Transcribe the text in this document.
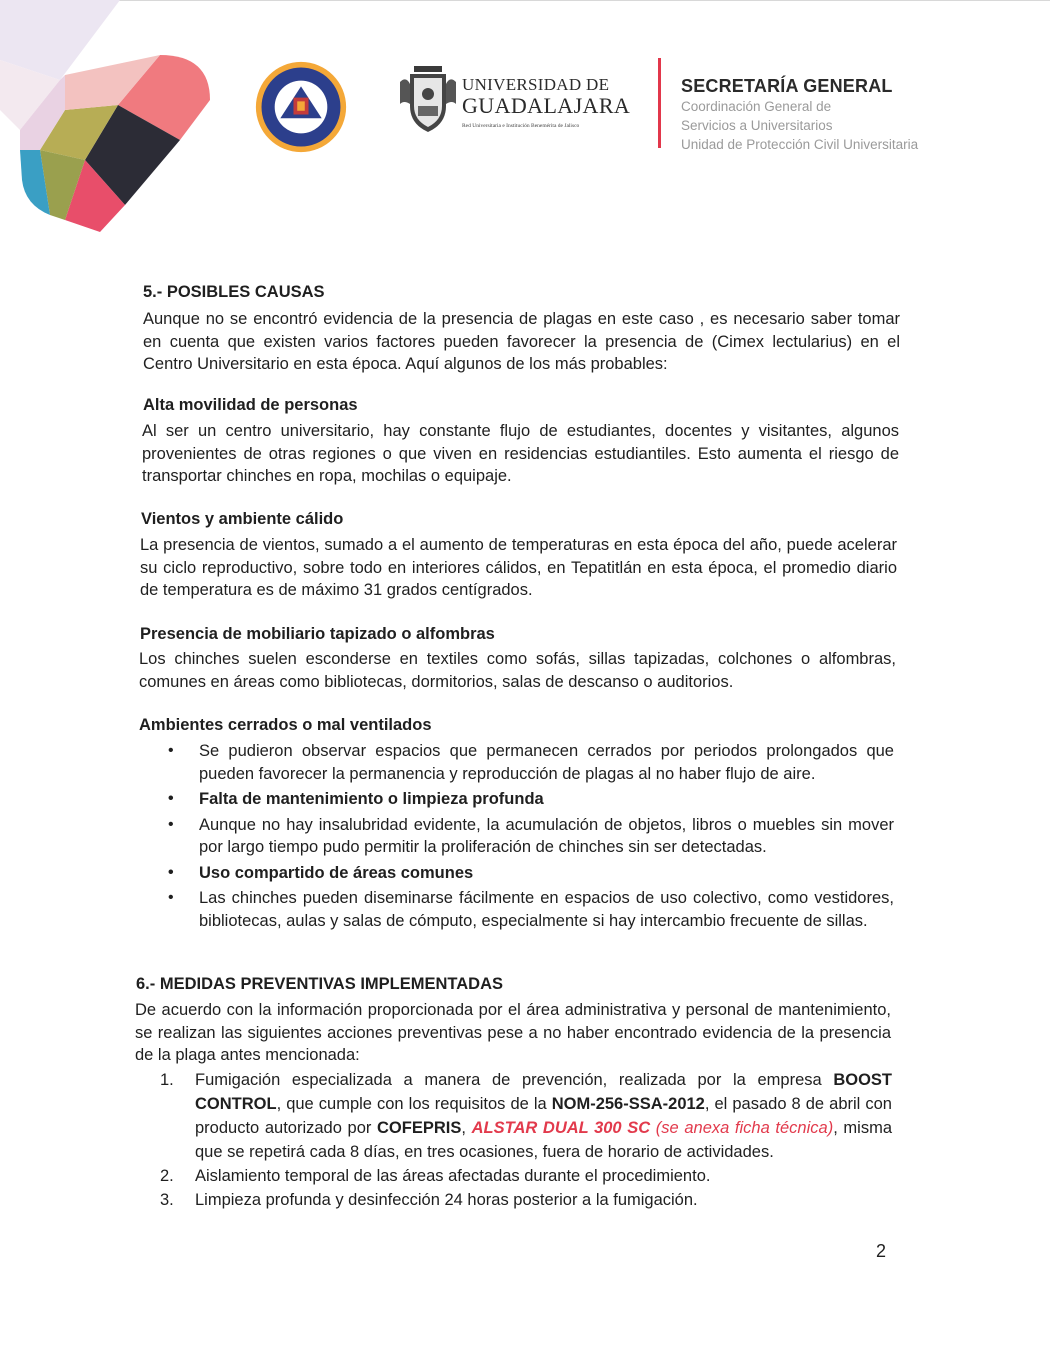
UNIVERSIDAD DE
GUADALAJARA
Red Universitaria e Institución Benemérita de Jalisco
SECRETARÍA GENERAL
Coordinación General de
Servicios a Universitarios
Unidad de Protección Civil Universitaria
5.- POSIBLES CAUSAS
Aunque no se encontró evidencia de la presencia de plagas en este caso , es necesario saber tomar en cuenta que existen varios factores pueden favorecer la presencia de (Cimex lectularius) en el Centro Universitario en esta época. Aquí algunos de los más probables:
Alta movilidad de personas
Al ser un centro universitario, hay constante flujo de estudiantes, docentes y visitantes, algunos provenientes de otras regiones o que viven en residencias estudiantiles. Esto aumenta el riesgo de transportar chinches en ropa, mochilas o equipaje.
Vientos y ambiente cálido
La presencia de vientos, sumado a el aumento de temperaturas en esta época del año, puede acelerar su ciclo reproductivo, sobre todo en interiores cálidos, en Tepatitlán en esta época, el promedio diario de temperatura es de máximo 31 grados centígrados.
Presencia de mobiliario tapizado o alfombras
Los chinches suelen esconderse en textiles como sofás, sillas tapizadas, colchones o alfombras, comunes en áreas como bibliotecas, dormitorios, salas de descanso o auditorios.
Ambientes cerrados o mal ventilados
• Se pudieron observar espacios que permanecen cerrados por periodos prolongados que pueden favorecer la permanencia y reproducción de plagas al no haber flujo de aire.
• Falta de mantenimiento o limpieza profunda
• Aunque no hay insalubridad evidente, la acumulación de objetos, libros o muebles sin mover por largo tiempo pudo permitir la proliferación de chinches sin ser detectadas.
• Uso compartido de áreas comunes
• Las chinches pueden diseminarse fácilmente en espacios de uso colectivo, como vestidores, bibliotecas, aulas y salas de cómputo, especialmente si hay intercambio frecuente de sillas.
6.- MEDIDAS PREVENTIVAS IMPLEMENTADAS
De acuerdo con la información proporcionada por el área administrativa y personal de mantenimiento, se realizan las siguientes acciones preventivas pese a no haber encontrado evidencia de la presencia de la plaga antes mencionada:
1. Fumigación especializada a manera de prevención, realizada por la empresa BOOST CONTROL, que cumple con los requisitos de la NOM-256-SSA-2012, el pasado 8 de abril con producto autorizado por COFEPRIS, ALSTAR DUAL 300 SC (se anexa ficha técnica), misma que se repetirá cada 8 días, en tres ocasiones, fuera de horario de actividades.
2. Aislamiento temporal de las áreas afectadas durante el procedimiento.
3. Limpieza profunda y desinfección 24 horas posterior a la fumigación.
2
